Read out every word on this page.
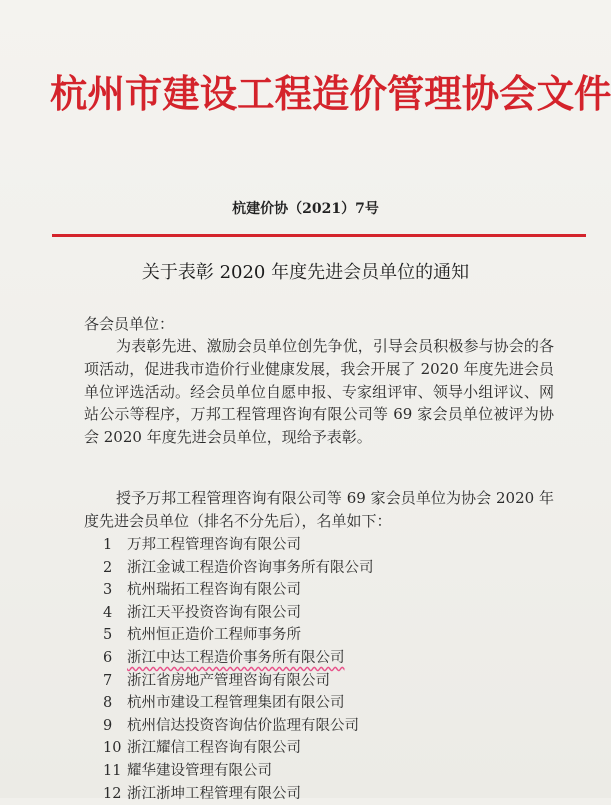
杭州市建设工程造价管理协会文件
杭建价协（2021）7号
关于表彰 2020 年度先进会员单位的通知
各会员单位：
为表彰先进、激励会员单位创先争优，引导会员积极参与协会的各项活动，促进我市造价行业健康发展，我会开展了 2020 年度先进会员单位评选活动。经会员单位自愿申报、专家组评审、领导小组评议、网站公示等程序，万邦工程管理咨询有限公司等 69 家会员单位被评为协会 2020 年度先进会员单位，现给予表彰。
授予万邦工程管理咨询有限公司等 69 家会员单位为协会 2020 年度先进会员单位（排名不分先后），名单如下：
1 万邦工程管理咨询有限公司
2 浙江金诚工程造价咨询事务所有限公司
3 杭州瑞拓工程咨询有限公司
4 浙江天平投资咨询有限公司
5 杭州恒正造价工程师事务所
6 浙江中达工程造价事务所有限公司
7 浙江省房地产管理咨询有限公司
8 杭州市建设工程管理集团有限公司
9 杭州信达投资咨询估价监理有限公司
10 浙江耀信工程咨询有限公司
11 耀华建设管理有限公司
12 浙江浙坤工程管理有限公司
